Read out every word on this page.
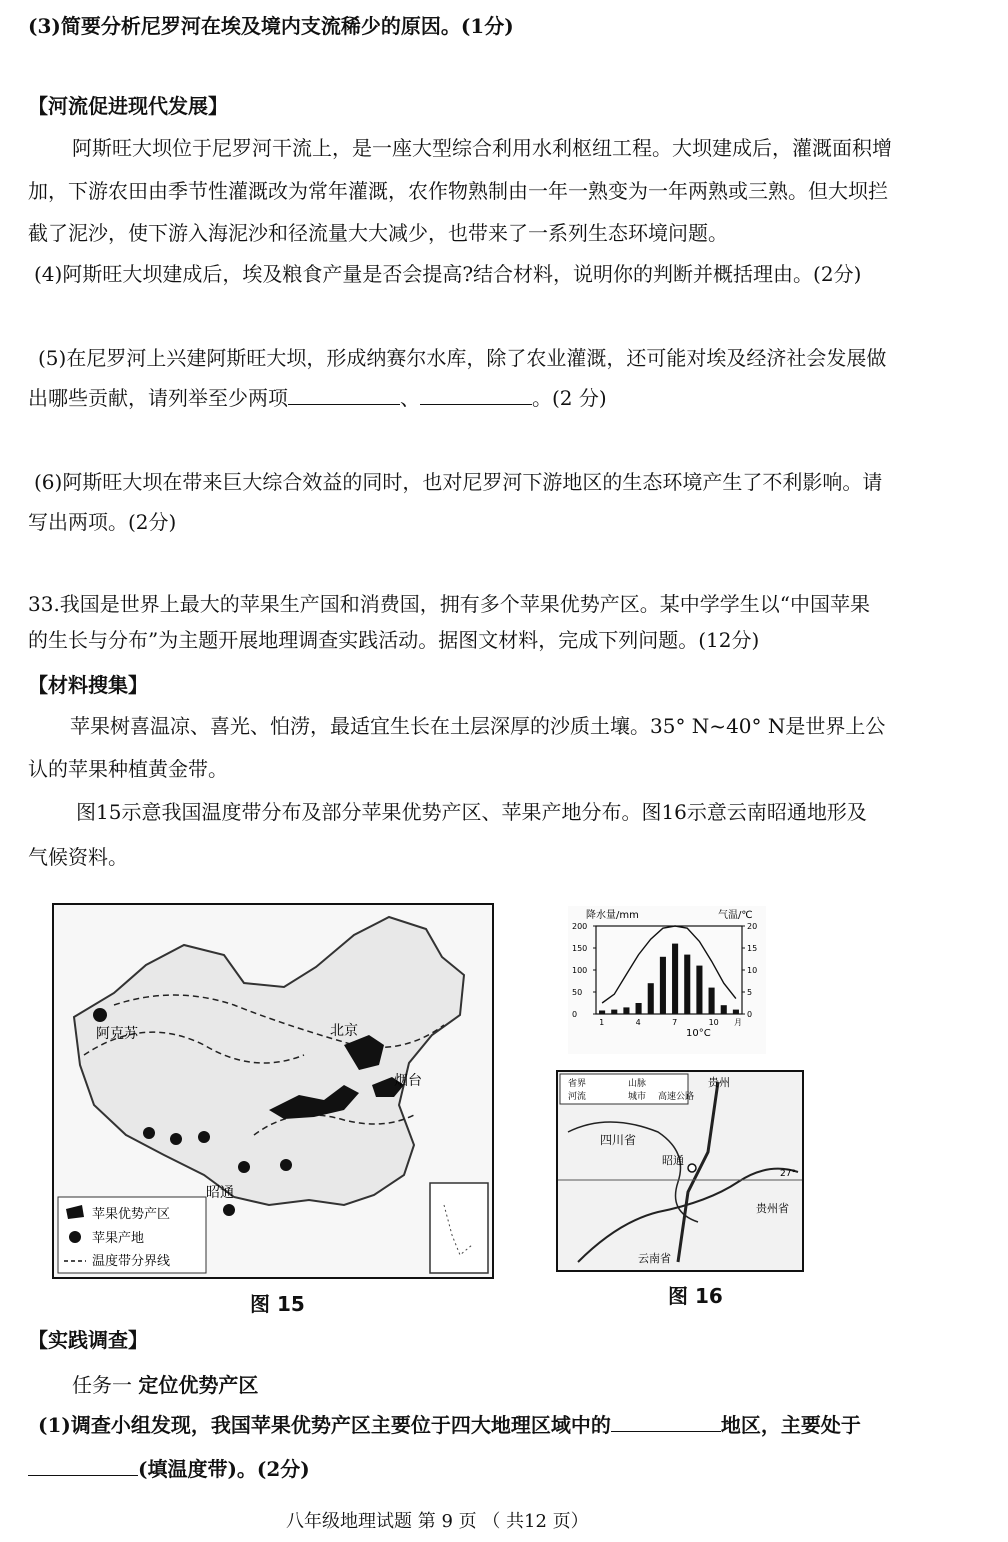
(3)简要分析尼罗河在埃及境内支流稀少的原因。(1分)
【河流促进现代发展】
阿斯旺大坝位于尼罗河干流上，是一座大型综合利用水利枢纽工程。大坝建成后，灌溉面积增
加，下游农田由季节性灌溉改为常年灌溉，农作物熟制由一年一熟变为一年两熟或三熟。但大坝拦
截了泥沙，使下游入海泥沙和径流量大大减少，也带来了一系列生态环境问题。
(4)阿斯旺大坝建成后，埃及粮食产量是否会提高?结合材料，说明你的判断并概括理由。(2分)
(5)在尼罗河上兴建阿斯旺大坝，形成纳赛尔水库，除了农业灌溉，还可能对埃及经济社会发展做
出哪些贡献，请列举至少两项	、	。(2 分)
(6)阿斯旺大坝在带来巨大综合效益的同时，也对尼罗河下游地区的生态环境产生了不利影响。请
写出两项。(2分)
33.我国是世界上最大的苹果生产国和消费国，拥有多个苹果优势产区。某中学学生以“中国苹果
的生长与分布”为主题开展地理调查实践活动。据图文材料，完成下列问题。(12分)
【材料搜集】
苹果树喜温凉、喜光、怕涝，最适宜生长在土层深厚的沙质土壤。35° N~40° N是世界上公
认的苹果种植黄金带。
图15示意我国温度带分布及部分苹果优势产区、苹果产地分布。图16示意云南昭通地形及
气候资料。
阿克苏	北京
烟台
昭通
苹果优势产区
苹果产地
温度带分界线
图 15
降水量/mm	气温/℃
200
150
100
50
0
20
15
10
5
0
1	4	7	10 月
10°C
省界	山脉
河流	城市 高速公路
贵州
四川省
昭通
云南省
贵州省
27°
图 16
【实践调查】
任务一 定位优势产区
(1)调查小组发现，我国苹果优势产区主要位于四大地理区域中的	地区，主要处于
(填温度带)。(2分)
八年级地理试题 第 9 页 （ 共12 页）
